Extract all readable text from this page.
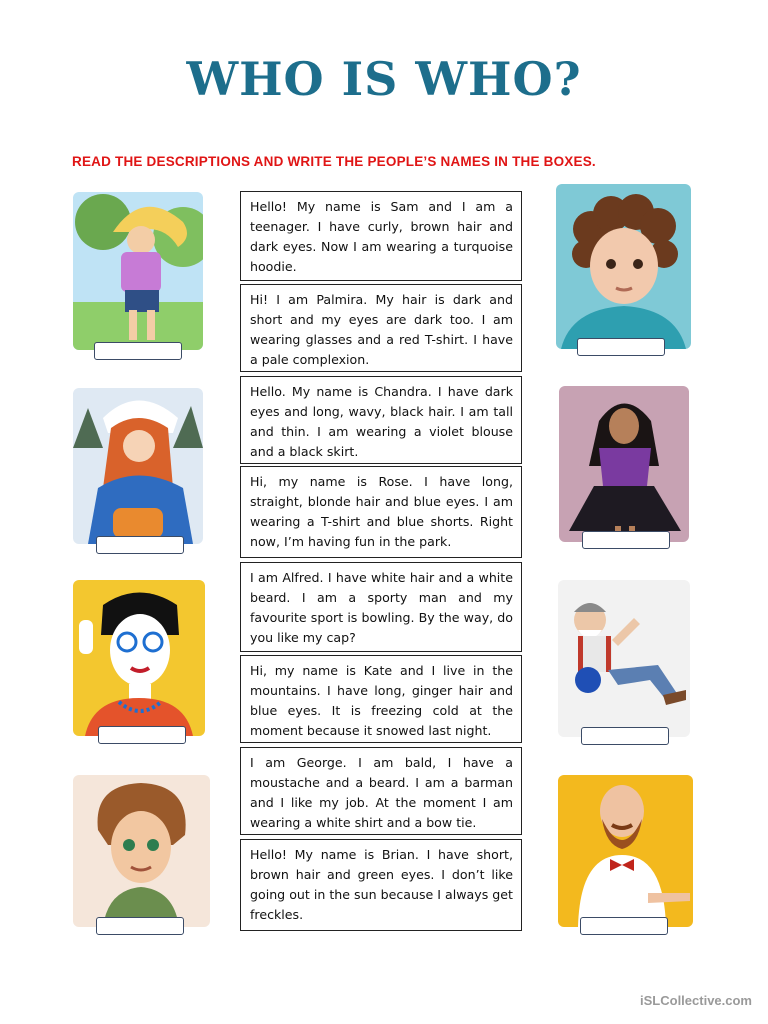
WHO IS WHO?

READ THE DESCRIPTIONS AND WRITE THE PEOPLE’S NAMES IN THE BOXES.

Hello! My name is Sam and I am a teenager. I have curly, brown hair and dark eyes. Now I am wearing a turquoise hoodie.

Hi! I am Palmira. My hair is dark and short and my eyes are dark too. I am wearing glasses and a red T-shirt. I have a pale complexion.

Hello. My name is Chandra. I have dark eyes and long, wavy, black hair. I am tall and thin. I am wearing a violet blouse and a black skirt.

Hi, my name is Rose. I have long, straight, blonde hair and blue eyes. I am wearing a T-shirt and blue shorts. Right now, I’m having fun in the park.

I am Alfred. I have white hair and a white beard. I am a sporty man and my favourite sport is bowling. By the way, do you like my cap?

Hi, my name is Kate and I live in the mountains. I have long, ginger hair and blue eyes. It is freezing cold at the moment because it snowed last night.

I am George. I am bald, I have a moustache and a beard. I am a barman and I like my job. At the moment I am wearing a white shirt and a bow tie.

Hello! My name is Brian. I have short, brown hair and green eyes. I don’t like going out in the sun because I always get freckles.

iSLCollective.com
